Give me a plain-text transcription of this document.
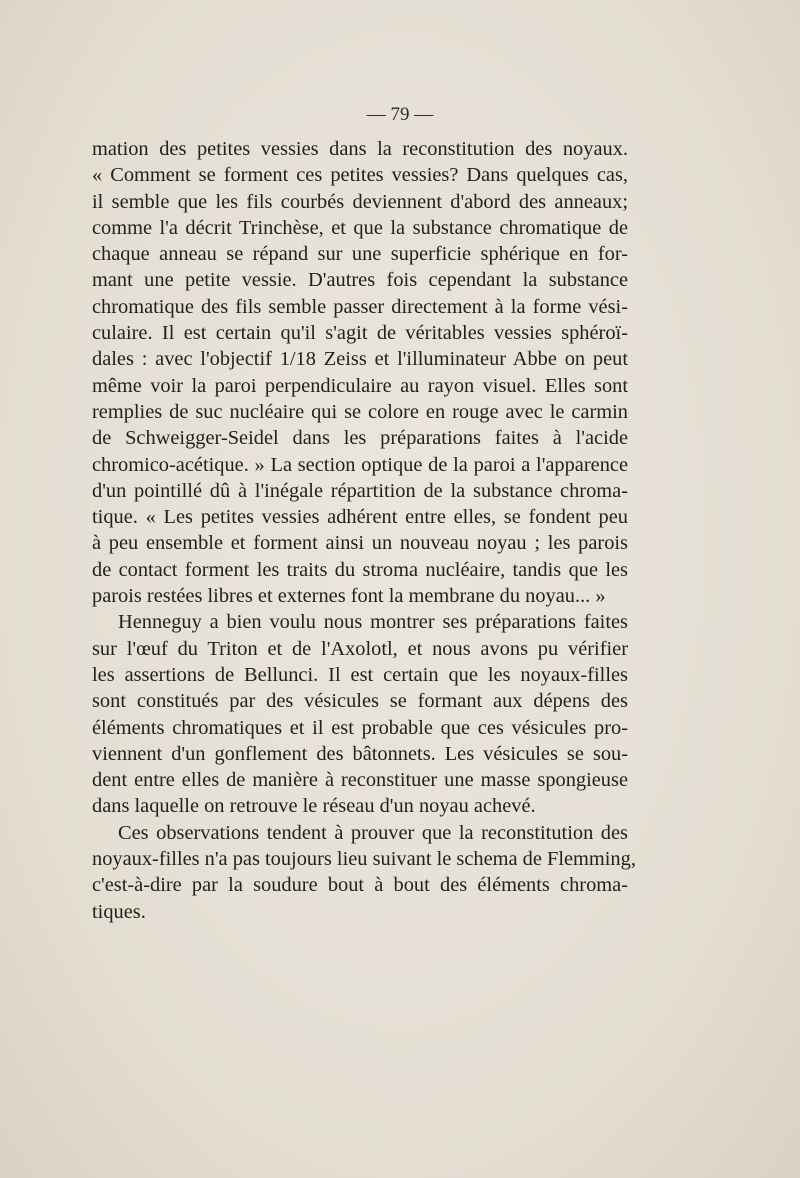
— 79 —
mation des petites vessies dans la reconstitution des noyaux.
« Comment se forment ces petites vessies? Dans quelques cas,
il semble que les fils courbés deviennent d'abord des anneaux;
comme l'a décrit Trinchèse, et que la substance chromatique de
chaque anneau se répand sur une superficie sphérique en for-
mant une petite vessie. D'autres fois cependant la substance
chromatique des fils semble passer directement à la forme vési-
culaire. Il est certain qu'il s'agit de véritables vessies sphéroï-
dales : avec l'objectif 1/18 Zeiss et l'illuminateur Abbe on peut
même voir la paroi perpendiculaire au rayon visuel. Elles sont
remplies de suc nucléaire qui se colore en rouge avec le carmin
de Schweigger-Seidel dans les préparations faites à l'acide
chromico-acétique. » La section optique de la paroi a l'apparence
d'un pointillé dû à l'inégale répartition de la substance chroma-
tique. « Les petites vessies adhérent entre elles, se fondent peu
à peu ensemble et forment ainsi un nouveau noyau ; les parois
de contact forment les traits du stroma nucléaire, tandis que les
parois restées libres et externes font la membrane du noyau... »
Henneguy a bien voulu nous montrer ses préparations faites
sur l'œuf du Triton et de l'Axolotl, et nous avons pu vérifier
les assertions de Bellunci. Il est certain que les noyaux-filles
sont constitués par des vésicules se formant aux dépens des
éléments chromatiques et il est probable que ces vésicules pro-
viennent d'un gonflement des bâtonnets. Les vésicules se sou-
dent entre elles de manière à reconstituer une masse spongieuse
dans laquelle on retrouve le réseau d'un noyau achevé.
Ces observations tendent à prouver que la reconstitution des
noyaux-filles n'a pas toujours lieu suivant le schema de Flemming,
c'est-à-dire par la soudure bout à bout des éléments chroma-
tiques.
